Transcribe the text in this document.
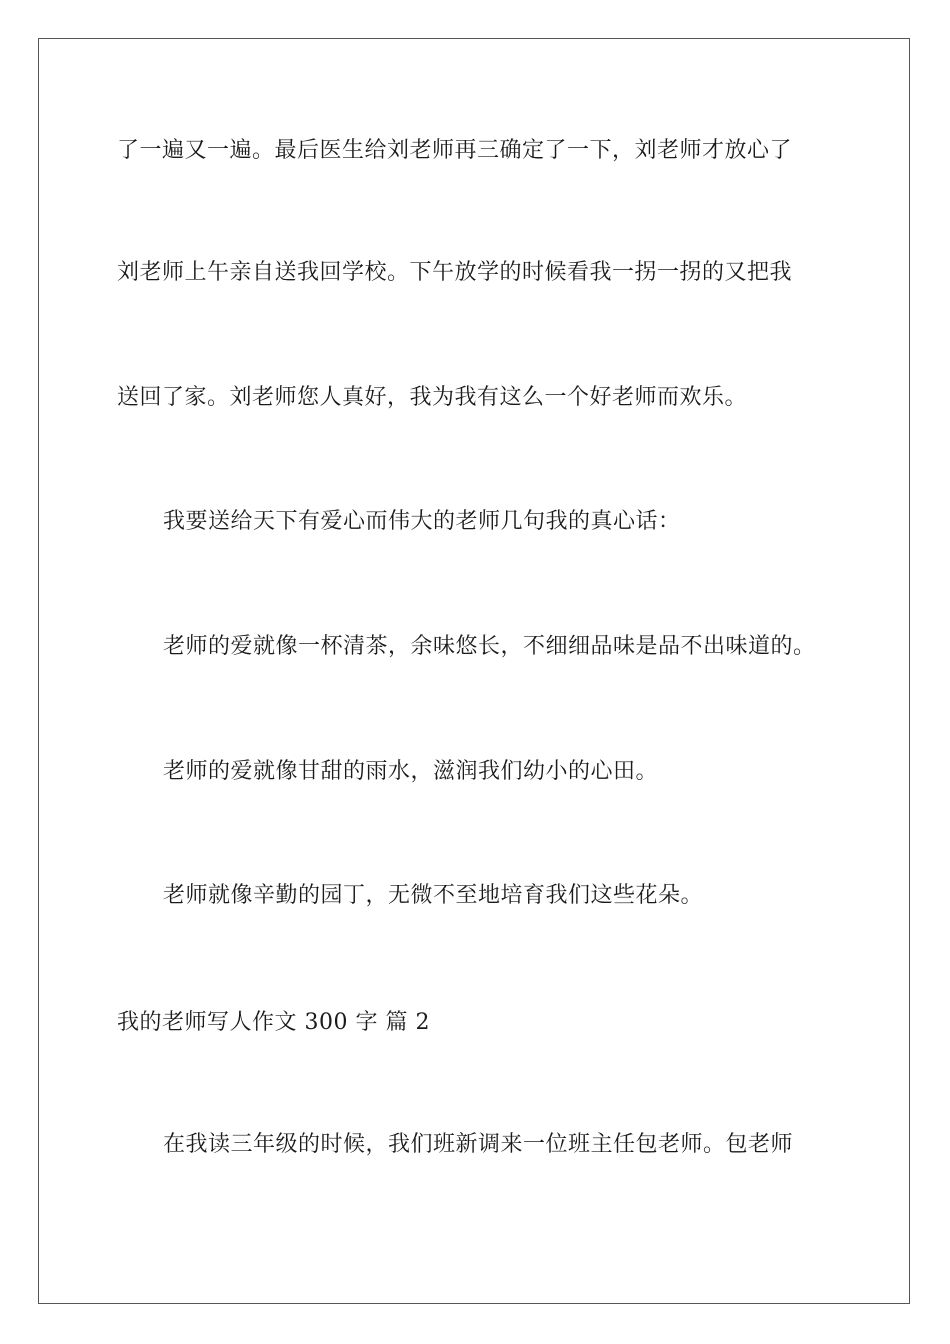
了一遍又一遍。最后医生给刘老师再三确定了一下，刘老师才放心了
刘老师上午亲自送我回学校。下午放学的时候看我一拐一拐的又把我
送回了家。刘老师您人真好，我为我有这么一个好老师而欢乐。
我要送给天下有爱心而伟大的老师几句我的真心话：
老师的爱就像一杯清茶，余味悠长，不细细品味是品不出味道的。
老师的爱就像甘甜的雨水，滋润我们幼小的心田。
老师就像辛勤的园丁，无微不至地培育我们这些花朵。
我的老师写人作文 300 字 篇 2
在我读三年级的时候，我们班新调来一位班主任包老师。包老师
